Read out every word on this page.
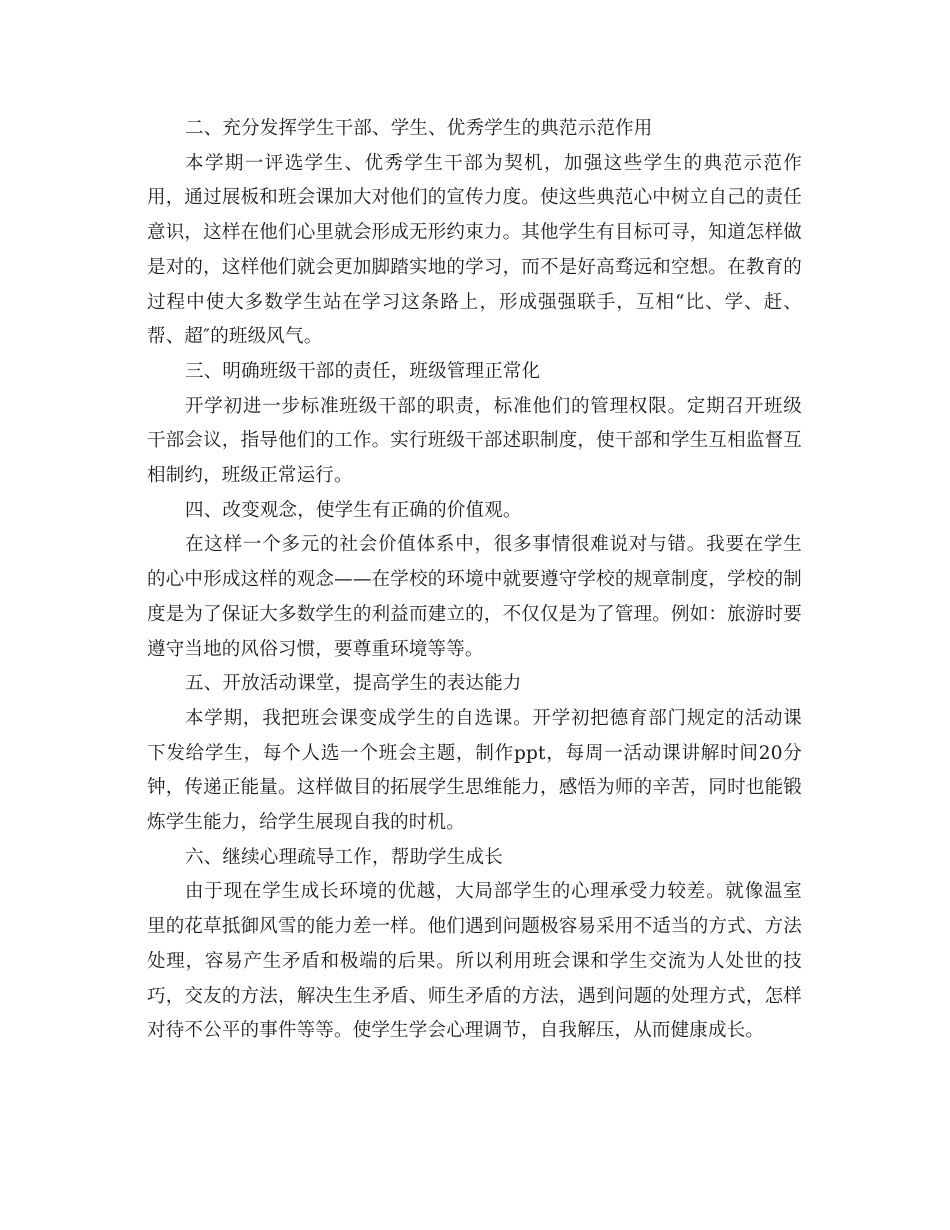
二、充分发挥学生干部、学生、优秀学生的典范示范作用

本学期一评选学生、优秀学生干部为契机，加强这些学生的典范示范作用，通过展板和班会课加大对他们的宣传力度。使这些典范心中树立自己的责任意识，这样在他们心里就会形成无形约束力。其他学生有目标可寻，知道怎样做是对的，这样他们就会更加脚踏实地的学习，而不是好高骛远和空想。在教育的过程中使大多数学生站在学习这条路上，形成强强联手，互相“比、学、赶、帮、超″的班级风气。

三、明确班级干部的责任，班级管理正常化

开学初进一步标准班级干部的职责，标准他们的管理权限。定期召开班级干部会议，指导他们的工作。实行班级干部述职制度，使干部和学生互相监督互相制约，班级正常运行。

四、改变观念，使学生有正确的价值观。

在这样一个多元的社会价值体系中，很多事情很难说对与错。我要在学生的心中形成这样的观念——在学校的环境中就要遵守学校的规章制度，学校的制度是为了保证大多数学生的利益而建立的，不仅仅是为了管理。例如：旅游时要遵守当地的风俗习惯，要尊重环境等等。

五、开放活动课堂，提高学生的表达能力

本学期，我把班会课变成学生的自选课。开学初把德育部门规定的活动课下发给学生，每个人选一个班会主题，制作ppt，每周一活动课讲解时间20分钟，传递正能量。这样做目的拓展学生思维能力，感悟为师的辛苦，同时也能锻炼学生能力，给学生展现自我的时机。

六、继续心理疏导工作，帮助学生成长

由于现在学生成长环境的优越，大局部学生的心理承受力较差。就像温室里的花草抵御风雪的能力差一样。他们遇到问题极容易采用不适当的方式、方法处理，容易产生矛盾和极端的后果。所以利用班会课和学生交流为人处世的技巧，交友的方法，解决生生矛盾、师生矛盾的方法，遇到问题的处理方式，怎样对待不公平的事件等等。使学生学会心理调节，自我解压，从而健康成长。
